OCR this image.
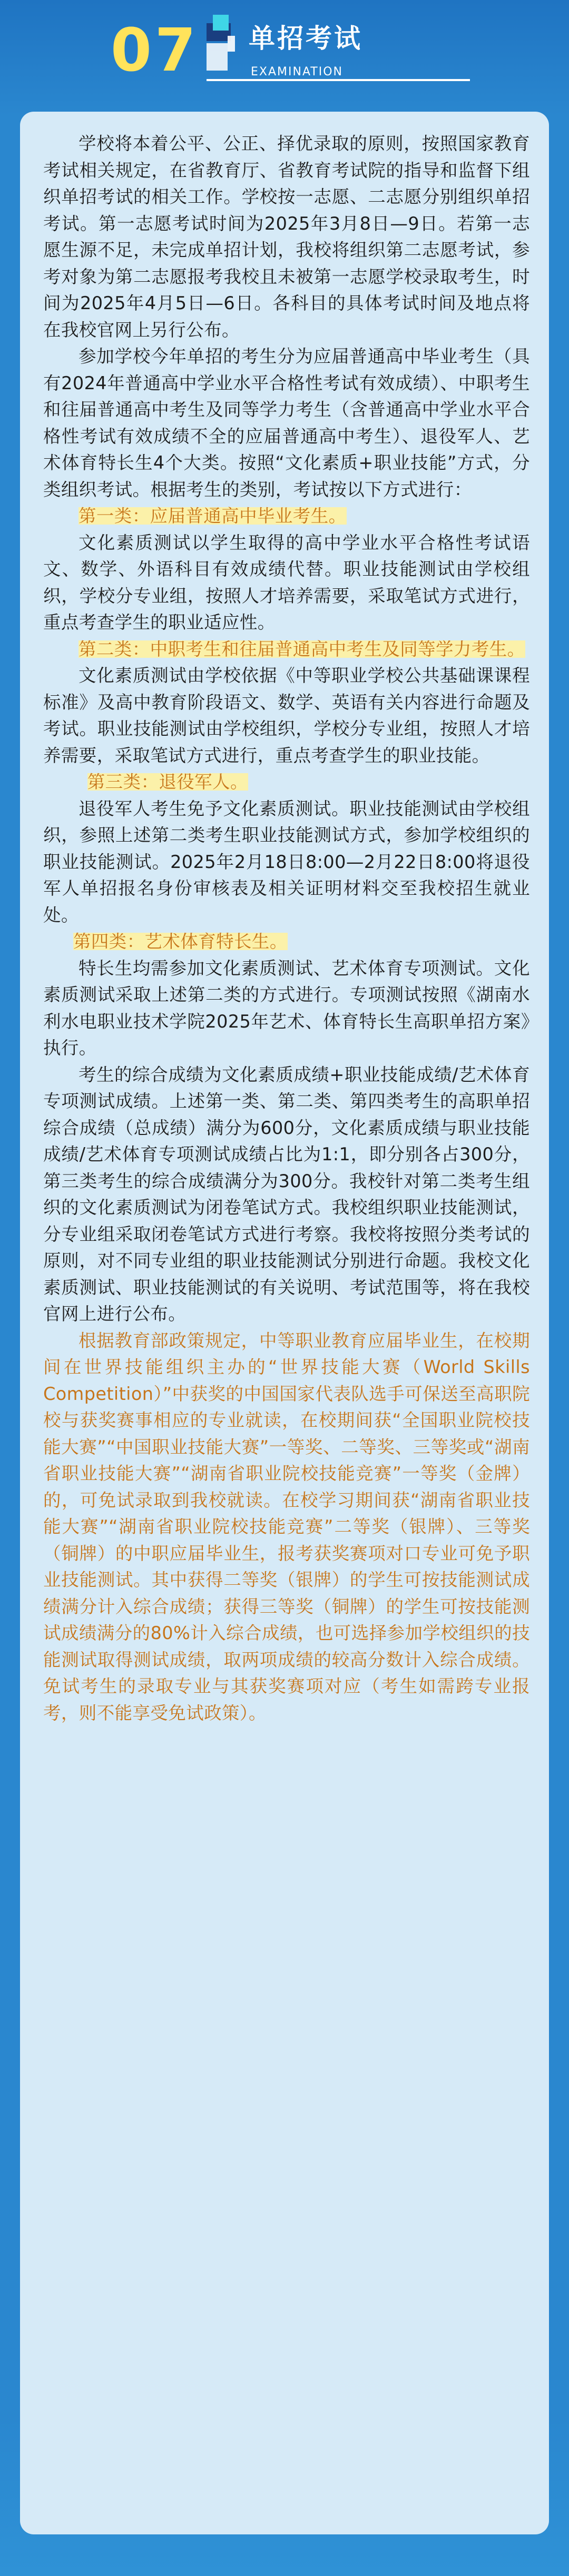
07 单招考试
EXAMINATION

学校将本着公平、公正、择优录取的原则，按照国家教育考试相关规定，在省教育厅、省教育考试院的指导和监督下组织单招考试的相关工作。学校按一志愿、二志愿分别组织单招考试。第一志愿考试时间为2025年3月8日—9日。若第一志愿生源不足，未完成单招计划，我校将组织第二志愿考试，参考对象为第二志愿报考我校且未被第一志愿学校录取考生，时间为2025年4月5日—6日。各科目的具体考试时间及地点将在我校官网上另行公布。

参加学校今年单招的考生分为应届普通高中毕业考生（具有2024年普通高中学业水平合格性考试有效成绩）、中职考生和往届普通高中考生及同等学力考生（含普通高中学业水平合格性考试有效成绩不全的应届普通高中考生）、退役军人、艺术体育特长生4个大类。按照“文化素质+职业技能”方式，分类组织考试。根据考生的类别，考试按以下方式进行：

第一类：应届普通高中毕业考生。

文化素质测试以学生取得的高中学业水平合格性考试语文、数学、外语科目有效成绩代替。职业技能测试由学校组织，学校分专业组，按照人才培养需要，采取笔试方式进行，重点考查学生的职业适应性。

第二类：中职考生和往届普通高中考生及同等学力考生。

文化素质测试由学校依据《中等职业学校公共基础课课程标准》及高中教育阶段语文、数学、英语有关内容进行命题及考试。职业技能测试由学校组织，学校分专业组，按照人才培养需要，采取笔试方式进行，重点考查学生的职业技能。

第三类：退役军人。

退役军人考生免予文化素质测试。职业技能测试由学校组织，参照上述第二类考生职业技能测试方式，参加学校组织的职业技能测试。2025年2月18日8:00—2月22日8:00将退役军人单招报名身份审核表及相关证明材料交至我校招生就业处。

第四类：艺术体育特长生。

特长生均需参加文化素质测试、艺术体育专项测试。文化素质测试采取上述第二类的方式进行。专项测试按照《湖南水利水电职业技术学院2025年艺术、体育特长生高职单招方案》执行。

考生的综合成绩为文化素质成绩+职业技能成绩/艺术体育专项测试成绩。上述第一类、第二类、第四类考生的高职单招综合成绩（总成绩）满分为600分，文化素质成绩与职业技能成绩/艺术体育专项测试成绩占比为1:1，即分别各占300分，第三类考生的综合成绩满分为300分。我校针对第二类考生组织的文化素质测试为闭卷笔试方式。我校组织职业技能测试，分专业组采取闭卷笔试方式进行考察。我校将按照分类考试的原则，对不同专业组的职业技能测试分别进行命题。我校文化素质测试、职业技能测试的有关说明、考试范围等，将在我校官网上进行公布。

根据教育部政策规定，中等职业教育应届毕业生，在校期间在世界技能组织主办的“世界技能大赛（World Skills Competition）”中获奖的中国国家代表队选手可保送至高职院校与获奖赛事相应的专业就读，在校期间获“全国职业院校技能大赛”“中国职业技能大赛”一等奖、二等奖、三等奖或“湖南省职业技能大赛”“湖南省职业院校技能竞赛”一等奖（金牌）的，可免试录取到我校就读。在校学习期间获“湖南省职业技能大赛”“湖南省职业院校技能竞赛”二等奖（银牌）、三等奖（铜牌）的中职应届毕业生，报考获奖赛项对口专业可免予职业技能测试。其中获得二等奖（银牌）的学生可按技能测试成绩满分计入综合成绩；获得三等奖（铜牌）的学生可按技能测试成绩满分的80%计入综合成绩，也可选择参加学校组织的技能测试取得测试成绩，取两项成绩的较高分数计入综合成绩。免试考生的录取专业与其获奖赛项对应（考生如需跨专业报考，则不能享受免试政策）。
